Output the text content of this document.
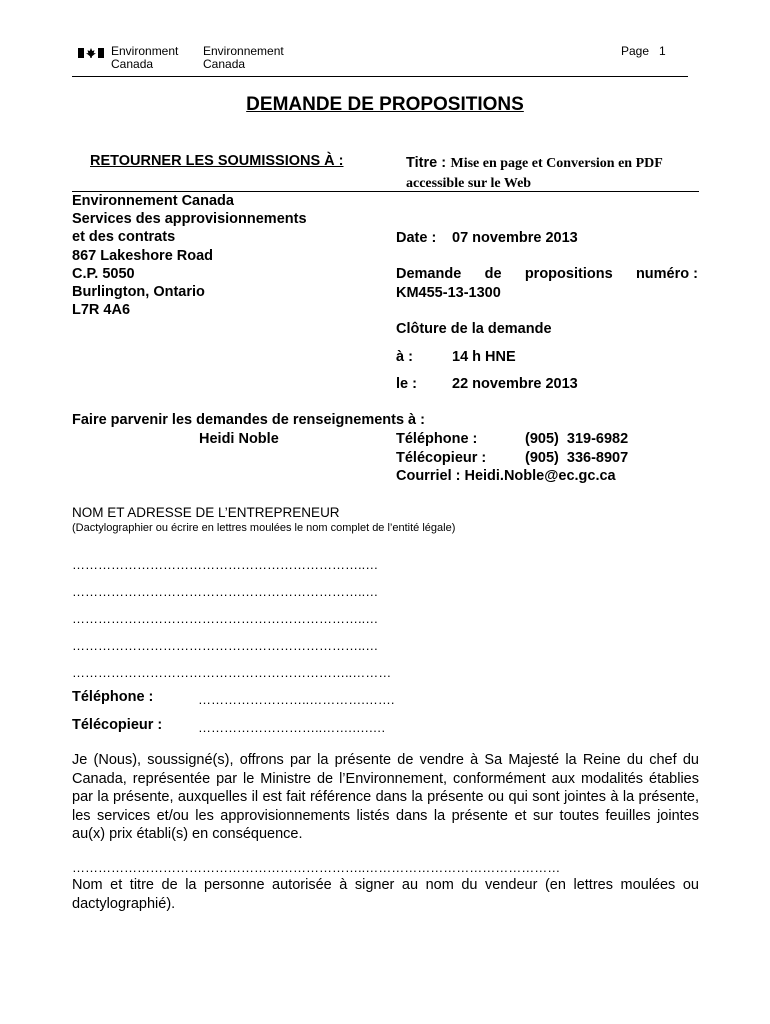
Environment
Canada
Environnement
Canada
Page 1
DEMANDE DE PROPOSITIONS
RETOURNER LES SOUMISSIONS À :	Titre : Mise en page et Conversion en PDF accessible sur le Web
Environnement Canada
Services des approvisionnements
et des contrats
867 Lakeshore Road
C.P. 5050
Burlington, Ontario
L7R 4A6
Date : 07 novembre 2013
Demande de propositions numéro :
KM455-13-1300
Clôture de la demande
à :	14 h HNE
le : 22 novembre 2013
Faire parvenir les demandes de renseignements à :
Heidi Noble	Téléphone :	(905)  319-6982
Télécopieur :	(905)  336-8907
Courriel : Heidi.Noble@ec.gc.ca
NOM ET ADRESSE DE L’ENTREPRENEUR
(Dactylographier ou écrire en lettres moulées le nom complet de l’entité légale)
…………………………………………………………..…
…………………………………………………………..…
…………………………………………………………..…
…………………………………………………………..…
………………………………………………………..………
Téléphone :	……………………..………….…….
Télécopieur :	………………………..…….….….
Je (Nous), soussigné(s), offrons par la présente de vendre à Sa Majesté la Reine du chef du Canada, représentée par le Ministre de l’Environnement, conformément aux modalités établies par la présente, auxquelles il est fait référence dans la présente ou qui sont jointes à la présente, les services et/ou les approvisionnements listés dans la présente et sur toutes feuilles jointes au(x) prix établi(s) en conséquence.
…………………………………………………………..………………………………………
Nom et titre de la personne autorisée à signer au nom du vendeur (en lettres moulées ou dactylographié).
